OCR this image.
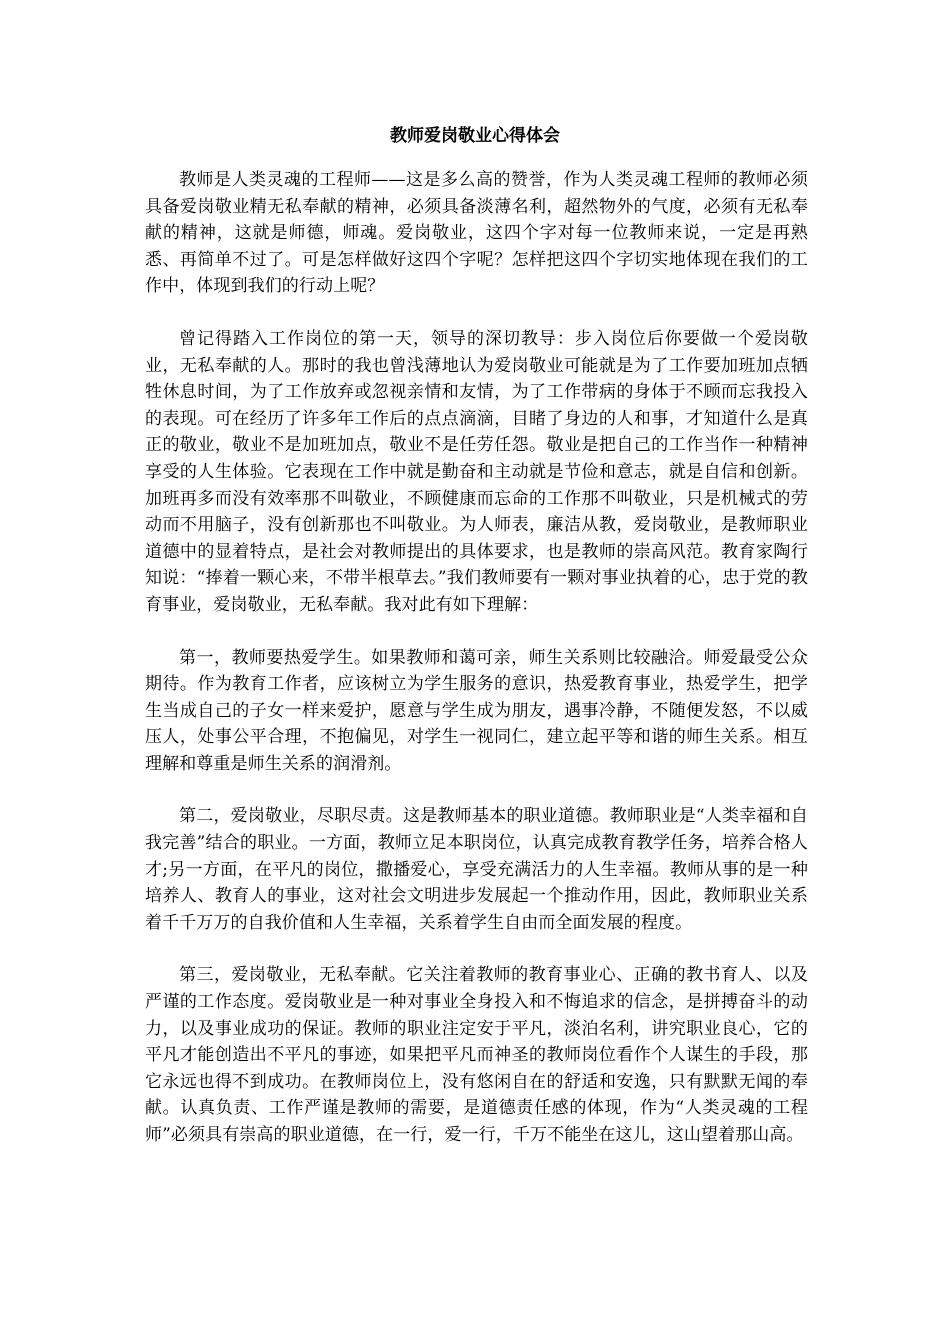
教师爱岗敬业心得体会

教师是人类灵魂的工程师——这是多么高的赞誉，作为人类灵魂工程师的教师必须具备爱岗敬业精无私奉献的精神，必须具备淡薄名利，超然物外的气度，必须有无私奉献的精神，这就是师德，师魂。爱岗敬业，这四个字对每一位教师来说，一定是再熟悉、再简单不过了。可是怎样做好这四个字呢？怎样把这四个字切实地体现在我们的工作中，体现到我们的行动上呢？

曾记得踏入工作岗位的第一天，领导的深切教导：步入岗位后你要做一个爱岗敬业，无私奉献的人。那时的我也曾浅薄地认为爱岗敬业可能就是为了工作要加班加点牺牲休息时间，为了工作放弃或忽视亲情和友情，为了工作带病的身体于不顾而忘我投入的表现。可在经历了许多年工作后的点点滴滴，目睹了身边的人和事，才知道什么是真正的敬业，敬业不是加班加点，敬业不是任劳任怨。敬业是把自己的工作当作一种精神享受的人生体验。它表现在工作中就是勤奋和主动就是节俭和意志，就是自信和创新。加班再多而没有效率那不叫敬业，不顾健康而忘命的工作那不叫敬业，只是机械式的劳动而不用脑子，没有创新那也不叫敬业。为人师表，廉洁从教，爱岗敬业，是教师职业道德中的显着特点，是社会对教师提出的具体要求，也是教师的崇高风范。教育家陶行知说：“捧着一颗心来，不带半根草去。”我们教师要有一颗对事业执着的心，忠于党的教育事业，爱岗敬业，无私奉献。我对此有如下理解：

第一，教师要热爱学生。如果教师和蔼可亲，师生关系则比较融洽。师爱最受公众期待。作为教育工作者，应该树立为学生服务的意识，热爱教育事业，热爱学生，把学生当成自己的子女一样来爱护，愿意与学生成为朋友，遇事冷静，不随便发怒，不以威压人，处事公平合理，不抱偏见，对学生一视同仁，建立起平等和谐的师生关系。相互理解和尊重是师生关系的润滑剂。

第二，爱岗敬业，尽职尽责。这是教师基本的职业道德。教师职业是“人类幸福和自我完善”结合的职业。一方面，教师立足本职岗位，认真完成教育教学任务，培养合格人才;另一方面，在平凡的岗位，撒播爱心，享受充满活力的人生幸福。教师从事的是一种培养人、教育人的事业，这对社会文明进步发展起一个推动作用，因此，教师职业关系着千千万万的自我价值和人生幸福，关系着学生自由而全面发展的程度。

第三，爱岗敬业，无私奉献。它关注着教师的教育事业心、正确的教书育人、以及严谨的工作态度。爱岗敬业是一种对事业全身投入和不悔追求的信念，是拼搏奋斗的动力，以及事业成功的保证。教师的职业注定安于平凡，淡泊名利，讲究职业良心，它的平凡才能创造出不平凡的事迹，如果把平凡而神圣的教师岗位看作个人谋生的手段，那它永远也得不到成功。在教师岗位上，没有悠闲自在的舒适和安逸，只有默默无闻的奉献。认真负责、工作严谨是教师的需要，是道德责任感的体现，作为“人类灵魂的工程师”必须具有崇高的职业道德，在一行，爱一行，千万不能坐在这儿，这山望着那山高。
